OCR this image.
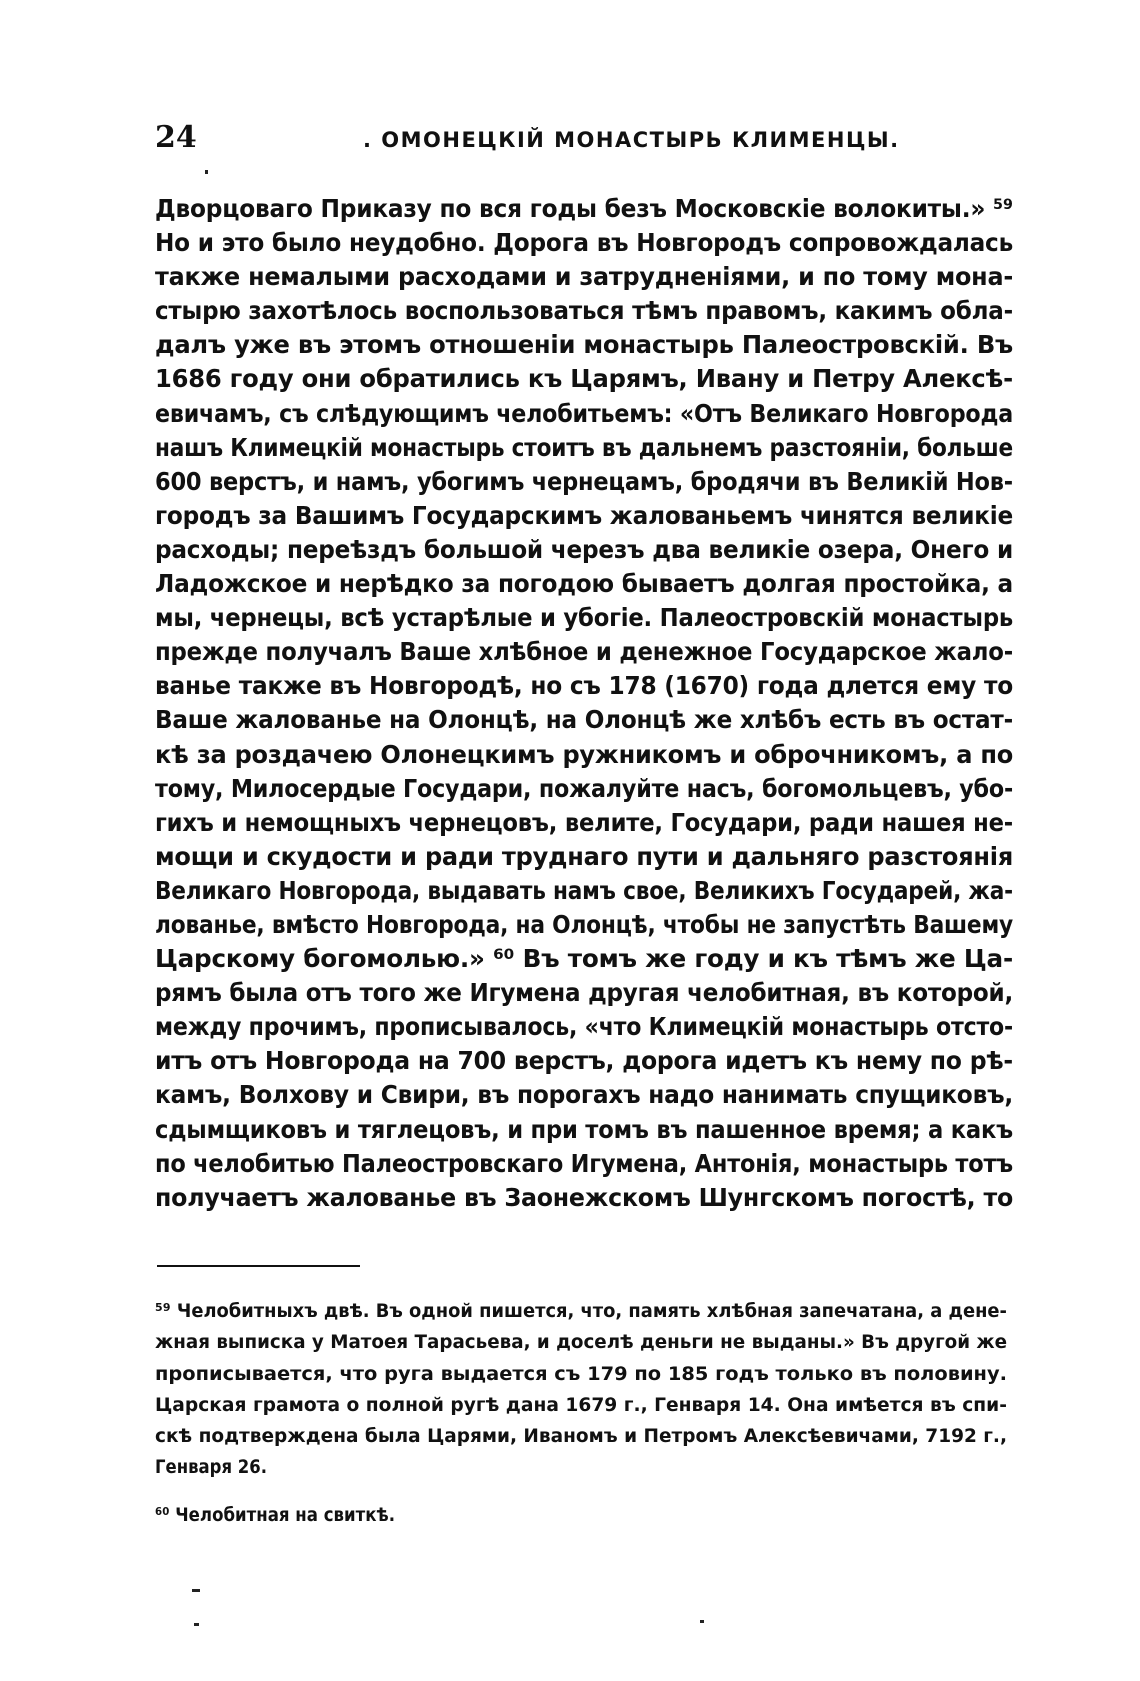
24	. ОМОНЕЦКІЙ МОНАСТЫРЬ КЛИМЕНЦЫ.
Дворцоваго Приказу по вся годы безъ Московскіе волокиты.» ⁵⁹
Но и это было неудобно. Дорога въ Новгородъ сопровождалась
также немалыми расходами и затрудненіями, и по тому мона-
стырю захотѣлось воспользоваться тѣмъ правомъ, какимъ обла-
далъ уже въ этомъ отношеніи монастырь Палеостровскій. Въ
1686 году они обратились къ Царямъ, Ивану и Петру Алексѣ-
евичамъ, съ слѣдующимъ челобитьемъ: «Отъ Великаго Новгорода
нашъ Климецкій монастырь стоитъ въ дальнемъ разстояніи, больше
600 верстъ, и намъ, убогимъ чернецамъ, бродячи въ Великій Нов-
городъ за Вашимъ Государскимъ жалованьемъ чинятся великіе
расходы; переѣздъ большой черезъ два великіе озера, Онего и
Ладожское и нерѣдко за погодою бываетъ долгая простойка, а
мы, чернецы, всѣ устарѣлые и убогіе. Палеостровскій монастырь
прежде получалъ Ваше хлѣбное и денежное Государское жало-
ванье также въ Новгородѣ, но съ 178 (1670) года длется ему то
Ваше жалованье на Олонцѣ, на Олонцѣ же хлѣбъ есть въ остат-
кѣ за роздачею Олонецкимъ ружникомъ и оброчникомъ, а по
тому, Милосердые Государи, пожалуйте насъ, богомольцевъ, убо-
гихъ и немощныхъ чернецовъ, велите, Государи, ради нашея не-
мощи и скудости и ради труднаго пути и дальняго разстоянія
Великаго Новгорода, выдавать намъ свое, Великихъ Государей, жа-
лованье, вмѣсто Новгорода, на Олонцѣ, чтобы не запустѣть Вашему
Царскому богомолью.» ⁶⁰ Въ томъ же году и къ тѣмъ же Ца-
рямъ была отъ того же Игумена другая челобитная, въ которой,
между прочимъ, прописывалось, «что Климецкій монастырь отсто-
итъ отъ Новгорода на 700 верстъ, дорога идетъ къ нему по рѣ-
камъ, Волхову и Свири, въ порогахъ надо нанимать спущиковъ,
сдымщиковъ и тяглецовъ, и при томъ въ пашенное время; а какъ
по челобитью Палеостровскаго Игумена, Антонія, монастырь тотъ
получаетъ жалованье въ Заонежскомъ Шунгскомъ погостѣ, то
⁵⁹ Челобитныхъ двѣ. Въ одной пишется, что, память хлѣбная запечатана, а дене-
жная выписка у Матоея Тарасьева, и доселѣ деньги не выданы.» Въ другой же
прописывается, что руга выдается съ 179 по 185 годъ только въ половину.
Царская грамота о полной ругѣ дана 1679 г., Генваря 14. Она имѣется въ спи-
скѣ подтверждена была Царями, Иваномъ и Петромъ Алексѣевичами, 7192 г.,
Генваря 26.
⁶⁰ Челобитная на свиткѣ.
